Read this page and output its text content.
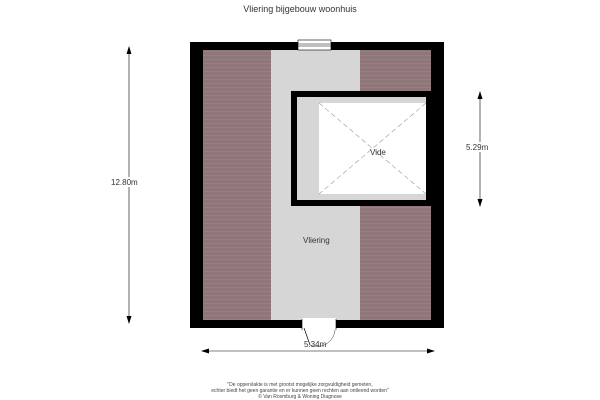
Vliering bijgebouw woonhuis
Vide
Vliering
12.80m
5.29m
5.34m
"De oppervlakte is met grootst mogelijke zorgvuldigheid gemeten,
echter biedt het geen garantie en er kunnen geen rechten aan ontleend worden"
© Van Rosmburg & Woning Diagnose
